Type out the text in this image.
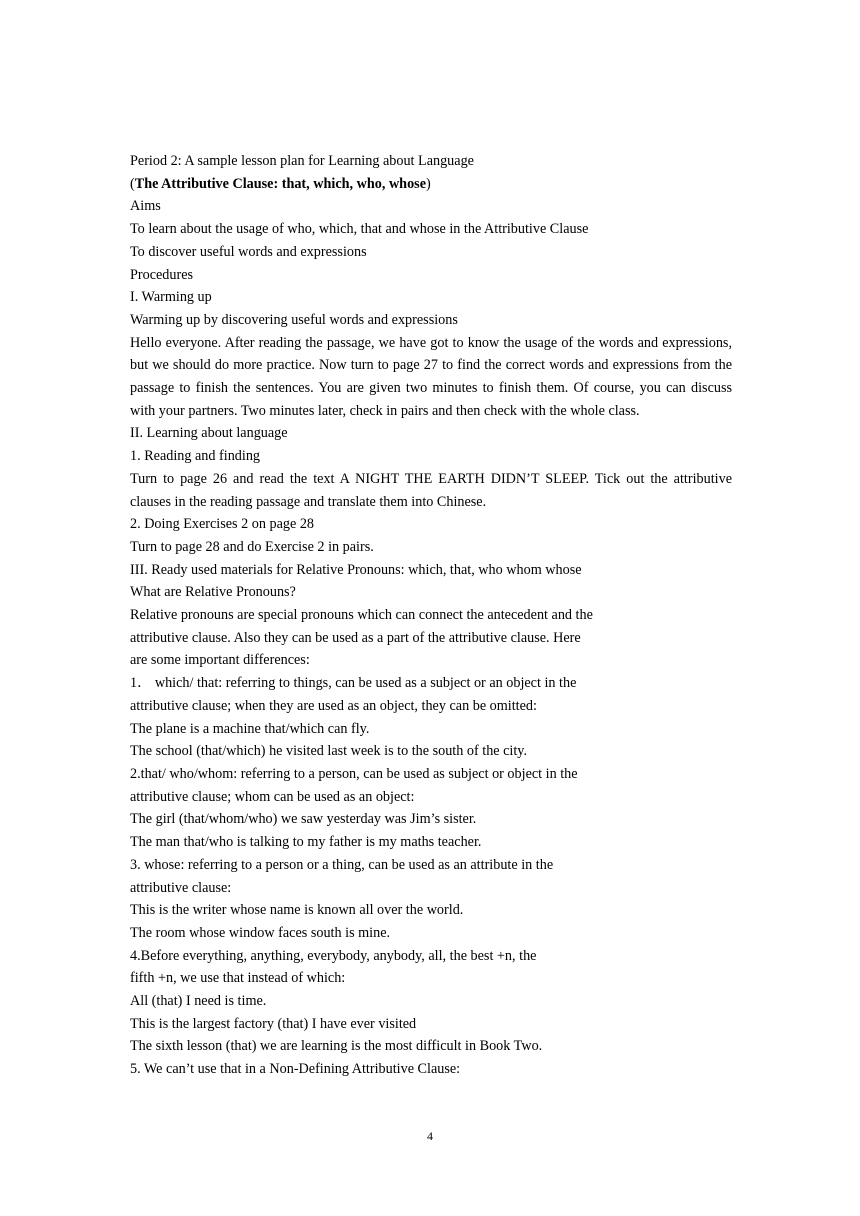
Period 2: A sample lesson plan for Learning about Language

(The Attributive Clause: that, which, who, whose)

Aims

To learn about the usage of who, which, that and whose in the Attributive Clause

To discover useful words and expressions

Procedures

I. Warming up

Warming up by discovering useful words and expressions

Hello everyone. After reading the passage, we have got to know the usage of the words and expressions, but we should do more practice. Now turn to page 27 to find the correct words and expressions from the passage to finish the sentences. You are given two minutes to finish them. Of course, you can discuss with your partners. Two minutes later, check in pairs and then check with the whole class.

II. Learning about language

1. Reading and finding

Turn to page 26 and read the text A NIGHT THE EARTH DIDN’T SLEEP. Tick out the attributive clauses in the reading passage and translate them into Chinese.

2. Doing Exercises 2 on page 28

Turn to page 28 and do Exercise 2 in pairs.

III. Ready used materials for Relative Pronouns: which, that, who whom whose

What are Relative Pronouns?

Relative pronouns are special pronouns which can connect the antecedent and the

attributive clause. Also they can be used as a part of the attributive clause. Here

are some important differences:

1． which/ that: referring to things, can be used as a subject or an object in the

attributive clause; when they are used as an object, they can be omitted:

The plane is a machine that/which can fly.

The school (that/which) he visited last week is to the south of the city.

2.that/ who/whom: referring to a person, can be used as subject or object in the

attributive clause; whom can be used as an object:

The girl (that/whom/who) we saw yesterday was Jim’s sister.

The man that/who is talking to my father is my maths teacher.

3. whose: referring to a person or a thing, can be used as an attribute in the

attributive clause:

This is the writer whose name is known all over the world.

The room whose window faces south is mine.

4.Before everything, anything, everybody, anybody, all, the best +n, the

fifth +n, we use that instead of which:

All (that) I need is time.

This is the largest factory (that) I have ever visited

The sixth lesson (that) we are learning is the most difficult in Book Two.

5. We can’t use that in a Non-Defining Attributive Clause:

4
